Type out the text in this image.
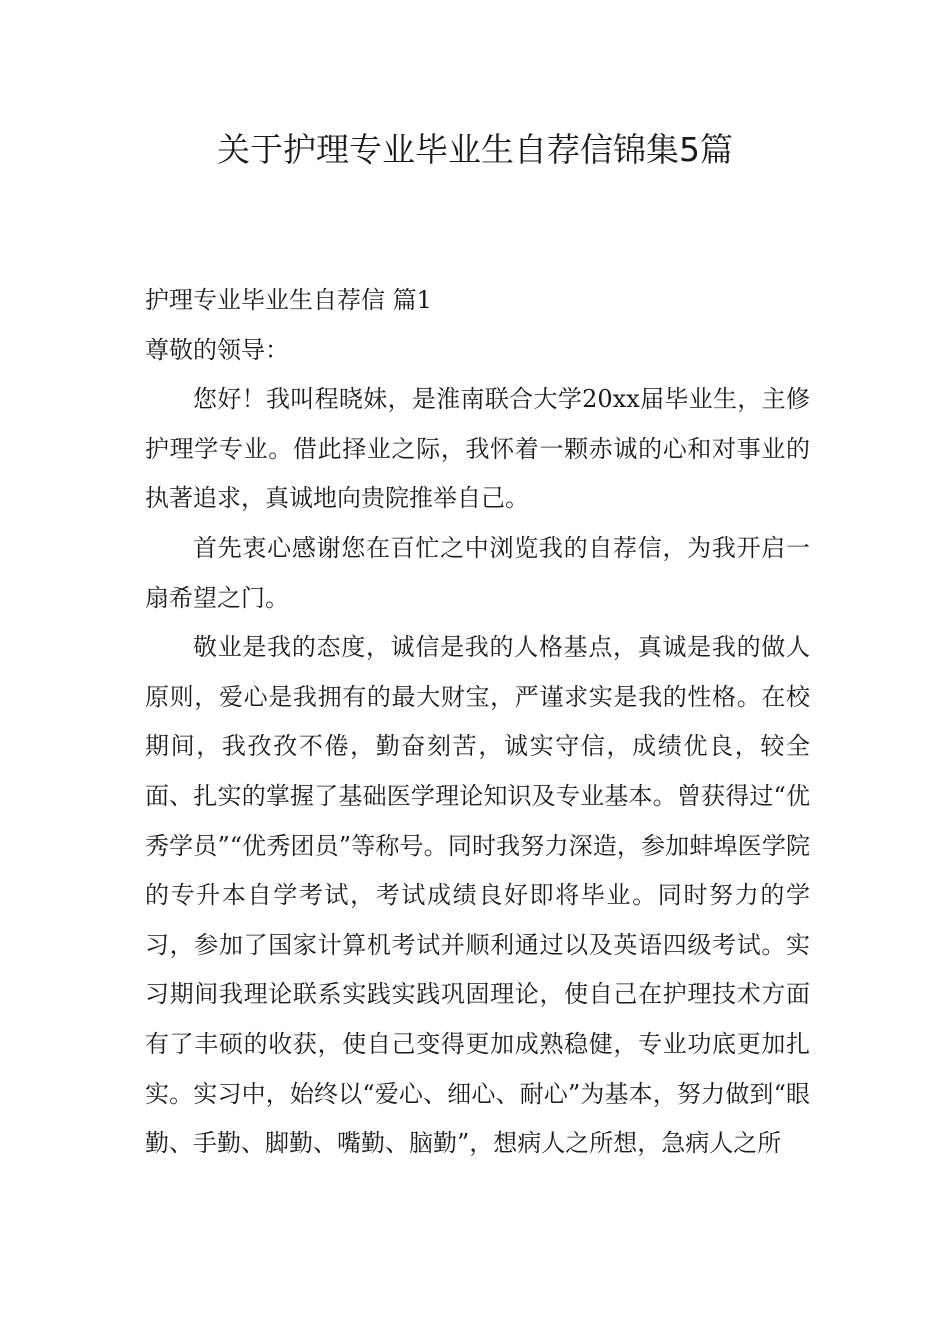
关于护理专业毕业生自荐信锦集5篇

护理专业毕业生自荐信 篇1

尊敬的领导：

您好！我叫程晓妹，是淮南联合大学20xx届毕业生，主修护理学专业。借此择业之际，我怀着一颗赤诚的心和对事业的执著追求，真诚地向贵院推举自己。

首先衷心感谢您在百忙之中浏览我的自荐信，为我开启一扇希望之门。

敬业是我的态度，诚信是我的人格基点，真诚是我的做人原则，爱心是我拥有的最大财宝，严谨求实是我的性格。在校期间，我孜孜不倦，勤奋刻苦，诚实守信，成绩优良，较全面、扎实的掌握了基础医学理论知识及专业基本。曾获得过“优秀学员”“优秀团员”等称号。同时我努力深造，参加蚌埠医学院的专升本自学考试，考试成绩良好即将毕业。同时努力的学习，参加了国家计算机考试并顺利通过以及英语四级考试。实习期间我理论联系实践实践巩固理论，使自己在护理技术方面有了丰硕的收获，使自己变得更加成熟稳健，专业功底更加扎实。实习中，始终以“爱心、细心、耐心”为基本，努力做到“眼勤、手勤、脚勤、嘴勤、脑勤”，想病人之所想，急病人之所
